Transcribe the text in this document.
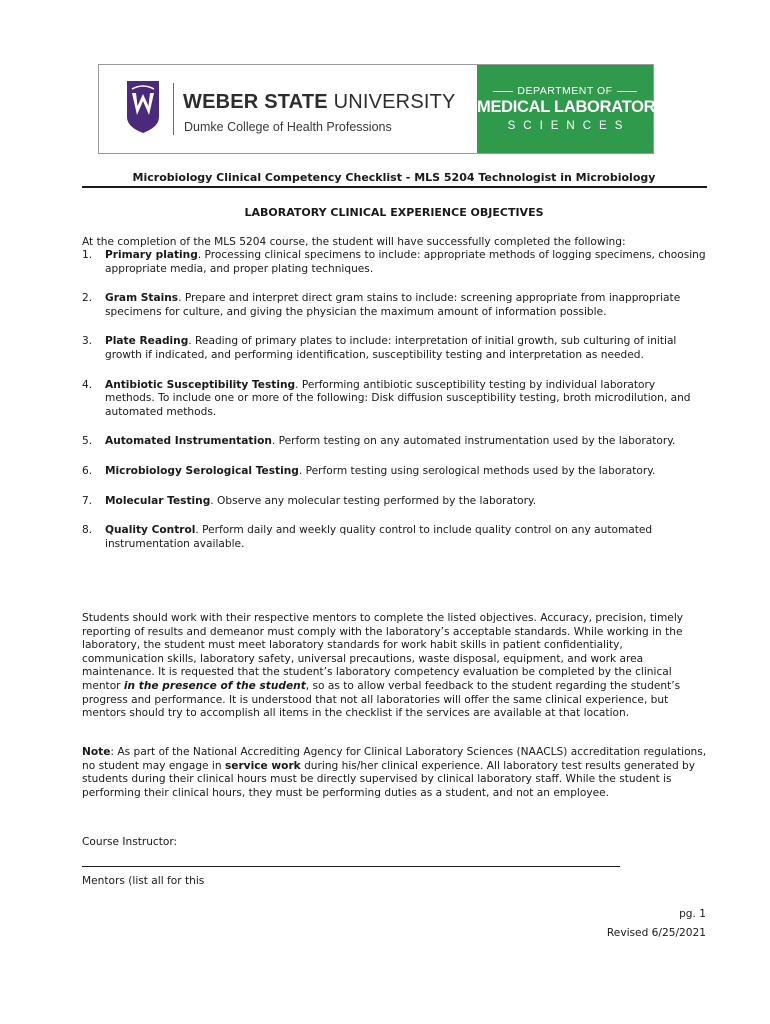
WEBER STATE UNIVERSITY
Dumke College of Health Professions
DEPARTMENT OF
MEDICAL LABORATORY
SCIENCES
Microbiology Clinical Competency Checklist - MLS 5204 Technologist in Microbiology
LABORATORY CLINICAL EXPERIENCE OBJECTIVES
At the completion of the MLS 5204 course, the student will have successfully completed the following:
1. Primary plating. Processing clinical specimens to include: appropriate methods of logging specimens, choosing appropriate media, and proper plating techniques.
2. Gram Stains. Prepare and interpret direct gram stains to include: screening appropriate from inappropriate specimens for culture, and giving the physician the maximum amount of information possible.
3. Plate Reading. Reading of primary plates to include: interpretation of initial growth, sub culturing of initial growth if indicated, and performing identification, susceptibility testing and interpretation as needed.
4. Antibiotic Susceptibility Testing. Performing antibiotic susceptibility testing by individual laboratory methods. To include one or more of the following: Disk diffusion susceptibility testing, broth microdilution, and automated methods.
5. Automated Instrumentation. Perform testing on any automated instrumentation used by the laboratory.
6. Microbiology Serological Testing. Perform testing using serological methods used by the laboratory.
7. Molecular Testing. Observe any molecular testing performed by the laboratory.
8. Quality Control. Perform daily and weekly quality control to include quality control on any automated instrumentation available.
Students should work with their respective mentors to complete the listed objectives. Accuracy, precision, timely reporting of results and demeanor must comply with the laboratory’s acceptable standards. While working in the laboratory, the student must meet laboratory standards for work habit skills in patient confidentiality, communication skills, laboratory safety, universal precautions, waste disposal, equipment, and work area maintenance. It is requested that the student’s laboratory competency evaluation be completed by the clinical mentor in the presence of the student, so as to allow verbal feedback to the student regarding the student’s progress and performance. It is understood that not all laboratories will offer the same clinical experience, but mentors should try to accomplish all items in the checklist if the services are available at that location.
Note: As part of the National Accrediting Agency for Clinical Laboratory Sciences (NAACLS) accreditation regulations, no student may engage in service work during his/her clinical experience. All laboratory test results generated by students during their clinical hours must be directly supervised by clinical laboratory staff. While the student is performing their clinical hours, they must be performing duties as a student, and not an employee.
Course Instructor:
Mentors (list all for this
pg. 1
Revised 6/25/2021
